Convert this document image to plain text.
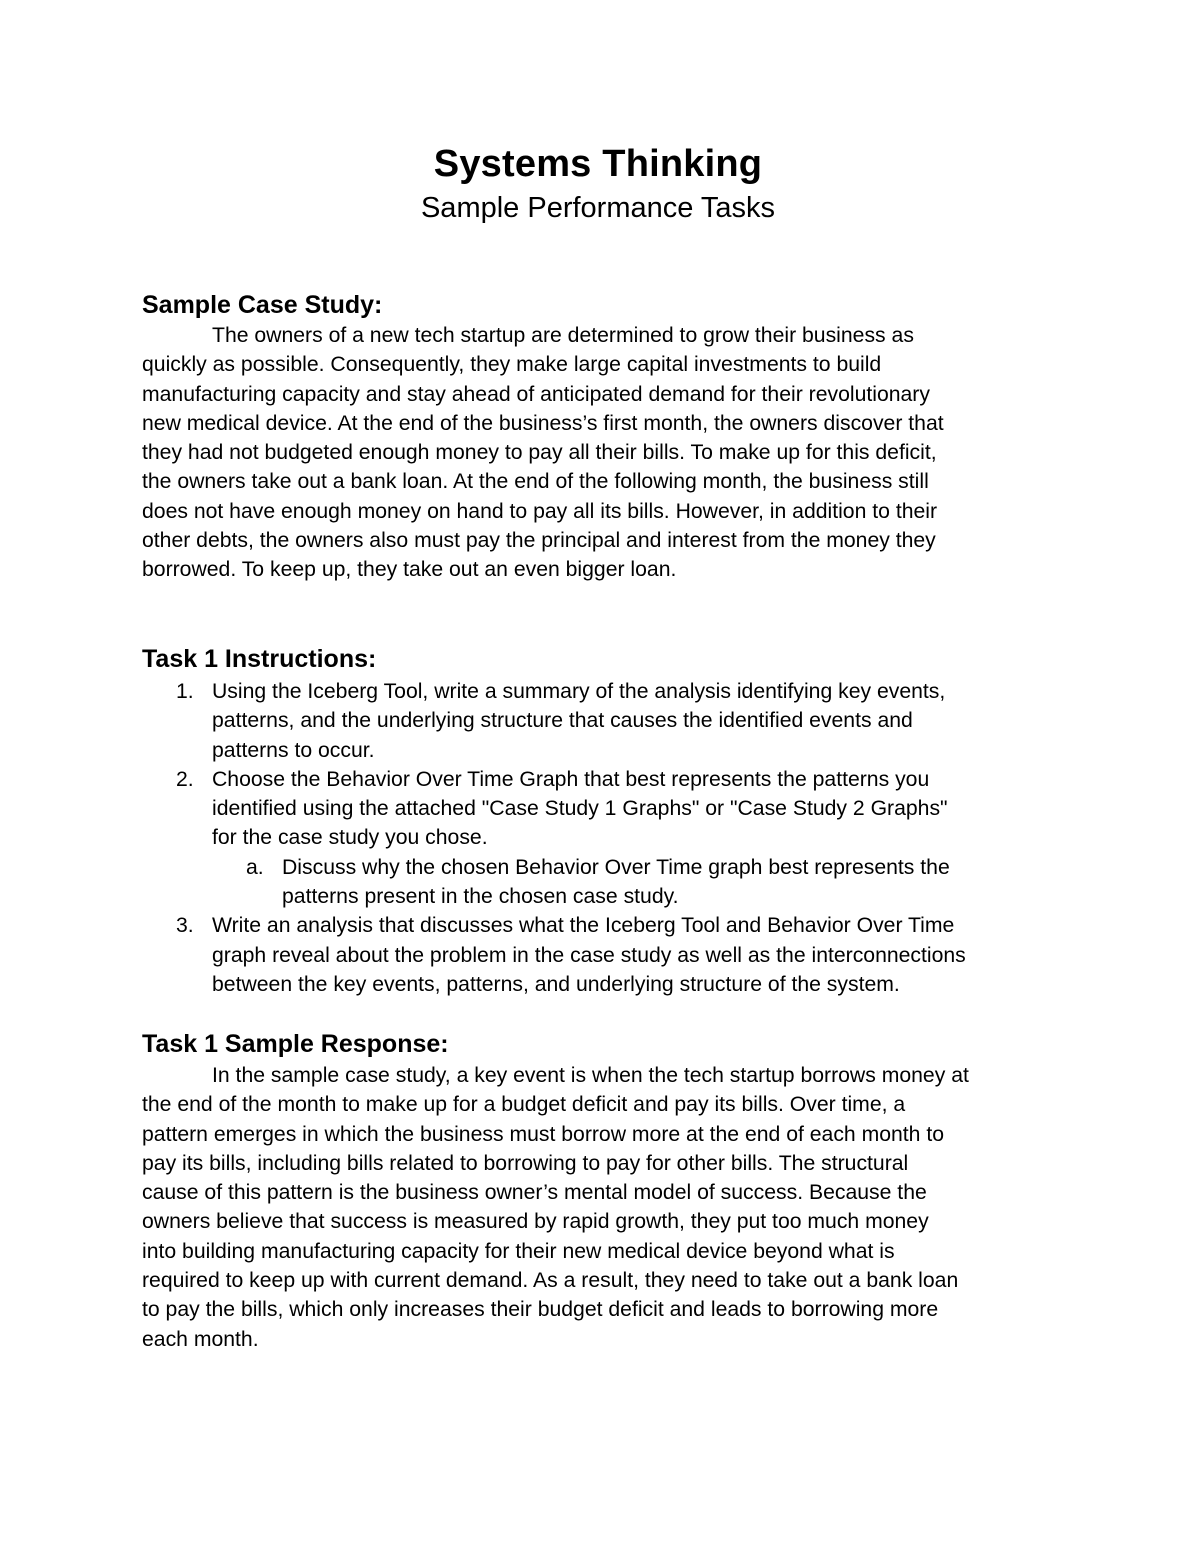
Systems Thinking
Sample Performance Tasks
Sample Case Study:
The owners of a new tech startup are determined to grow their business as
quickly as possible. Consequently, they make large capital investments to build
manufacturing capacity and stay ahead of anticipated demand for their revolutionary
new medical device. At the end of the business’s first month, the owners discover that
they had not budgeted enough money to pay all their bills. To make up for this deficit,
the owners take out a bank loan. At the end of the following month, the business still
does not have enough money on hand to pay all its bills. However, in addition to their
other debts, the owners also must pay the principal and interest from the money they
borrowed. To keep up, they take out an even bigger loan.
Task 1 Instructions:
1. Using the Iceberg Tool, write a summary of the analysis identifying key events,
patterns, and the underlying structure that causes the identified events and
patterns to occur.
2. Choose the Behavior Over Time Graph that best represents the patterns you
identified using the attached "Case Study 1 Graphs" or "Case Study 2 Graphs"
for the case study you chose.
a. Discuss why the chosen Behavior Over Time graph best represents the
patterns present in the chosen case study.
3. Write an analysis that discusses what the Iceberg Tool and Behavior Over Time
graph reveal about the problem in the case study as well as the interconnections
between the key events, patterns, and underlying structure of the system.
Task 1 Sample Response:
In the sample case study, a key event is when the tech startup borrows money at
the end of the month to make up for a budget deficit and pay its bills. Over time, a
pattern emerges in which the business must borrow more at the end of each month to
pay its bills, including bills related to borrowing to pay for other bills. The structural
cause of this pattern is the business owner’s mental model of success. Because the
owners believe that success is measured by rapid growth, they put too much money
into building manufacturing capacity for their new medical device beyond what is
required to keep up with current demand. As a result, they need to take out a bank loan
to pay the bills, which only increases their budget deficit and leads to borrowing more
each month.
